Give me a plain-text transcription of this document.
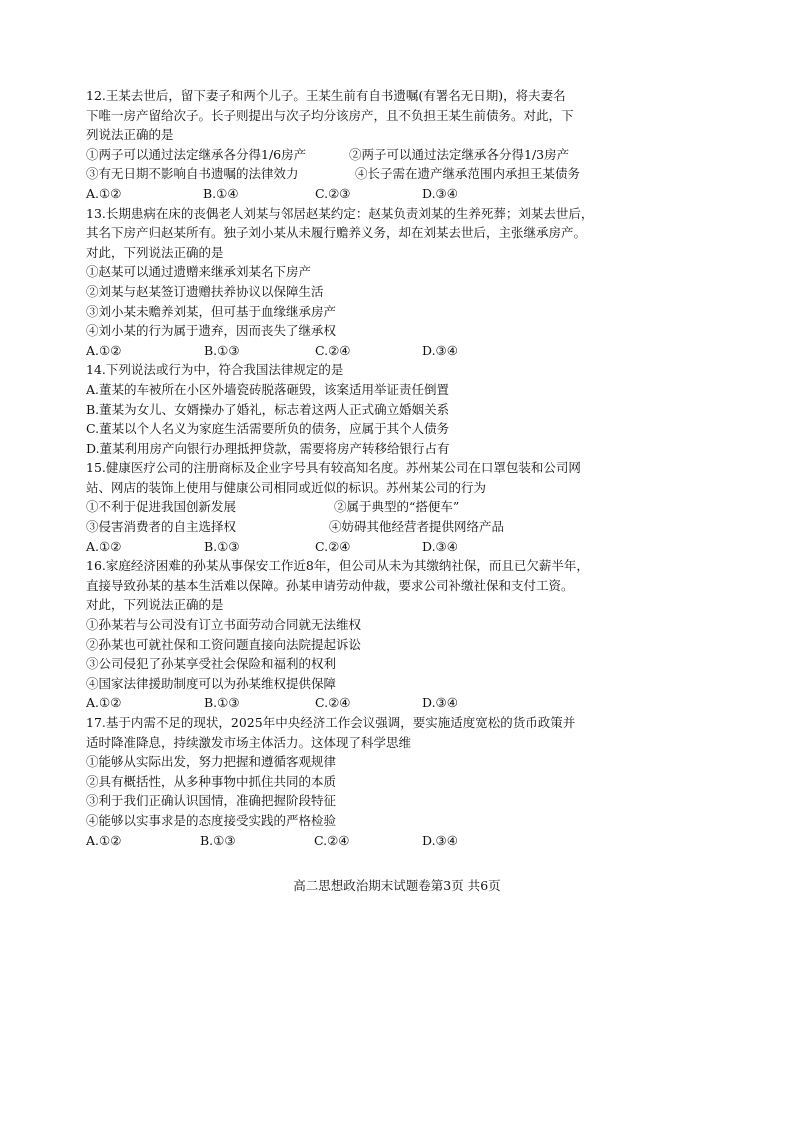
12.王某去世后，留下妻子和两个儿子。王某生前有自书遗嘱(有署名无日期)，将夫妻名
下唯一房产留给次子。长子则提出与次子均分该房产，且不负担王某生前债务。对此，下
列说法正确的是
①两子可以通过法定继承各分得1/6房产	②两子可以通过法定继承各分得1/3房产
③有无日期不影响自书遗嘱的法律效力	④长子需在遗产继承范围内承担王某债务
A.①②	B.①④	C.②③	D.③④
13.长期患病在床的丧偶老人刘某与邻居赵某约定：赵某负责刘某的生养死葬；刘某去世后，
其名下房产归赵某所有。独子刘小某从未履行赡养义务，却在刘某去世后，主张继承房产。
对此，下列说法正确的是
①赵某可以通过遗赠来继承刘某名下房产
②刘某与赵某签订遗赠扶养协议以保障生活
③刘小某未赡养刘某，但可基于血缘继承房产
④刘小某的行为属于遗弃，因而丧失了继承权
A.①②	B.①③	C.②④	D.③④
14.下列说法或行为中，符合我国法律规定的是
A.董某的车被所在小区外墙瓷砖脱落砸毁，该案适用举证责任倒置
B.董某为女儿、女婿操办了婚礼，标志着这两人正式确立婚姻关系
C.董某以个人名义为家庭生活需要所负的债务，应属于其个人债务
D.董某利用房产向银行办理抵押贷款，需要将房产转移给银行占有
15.健康医疗公司的注册商标及企业字号具有较高知名度。苏州某公司在口罩包装和公司网
站、网店的装饰上使用与健康公司相同或近似的标识。苏州某公司的行为
①不利于促进我国创新发展	②属于典型的“搭便车”
③侵害消费者的自主选择权	④妨碍其他经营者提供网络产品
A.①②	B.①③	C.②④	D.③④
16.家庭经济困难的孙某从事保安工作近8年，但公司从未为其缴纳社保，而且已欠薪半年，
直接导致孙某的基本生活难以保障。孙某申请劳动仲裁，要求公司补缴社保和支付工资。
对此，下列说法正确的是
①孙某若与公司没有订立书面劳动合同就无法维权
②孙某也可就社保和工资问题直接向法院提起诉讼
③公司侵犯了孙某享受社会保险和福利的权利
④国家法律援助制度可以为孙某维权提供保障
A.①②	B.①③	C.②④	D.③④
17.基于内需不足的现状，2025年中央经济工作会议强调，要实施适度宽松的货币政策并
适时降准降息，持续激发市场主体活力。这体现了科学思维
①能够从实际出发，努力把握和遵循客观规律
②具有概括性，从多种事物中抓住共同的本质
③利于我们正确认识国情，准确把握阶段特征
④能够以实事求是的态度接受实践的严格检验
A.①②	B.①③	C.②④	D.③④
高二思想政治期末试题卷第3页 共6页
